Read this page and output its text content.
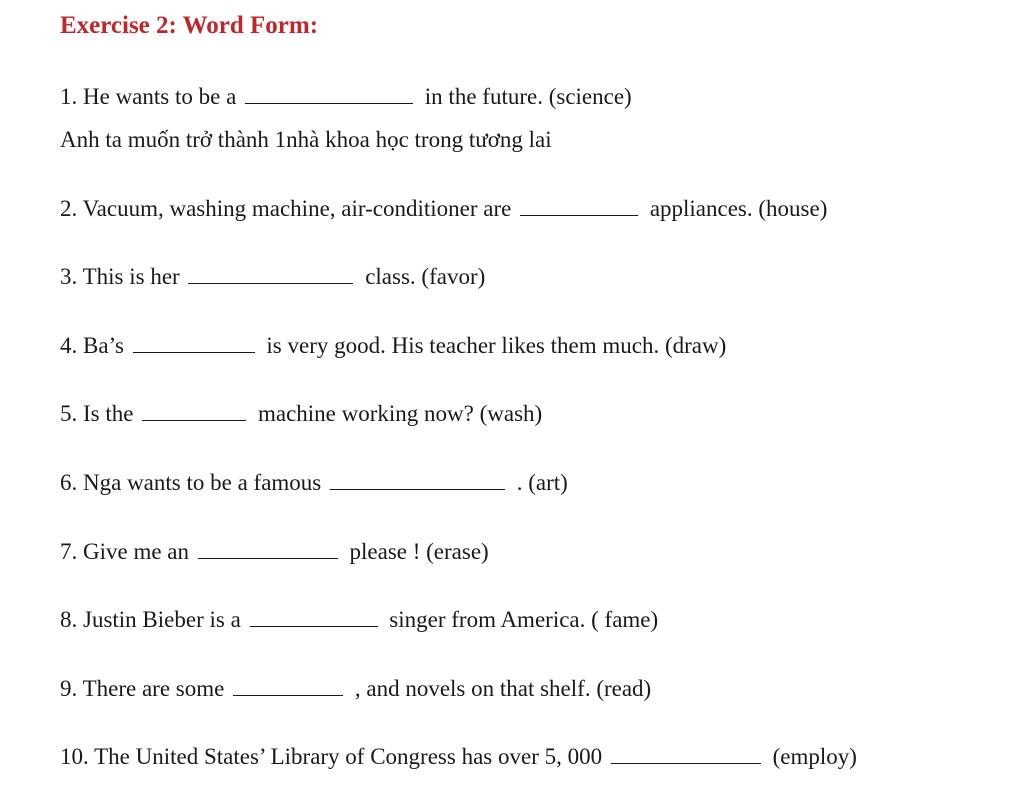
Exercise 2: Word Form:
1. He wants to be a	in the future. (science)
Anh ta muốn trở thành 1nhà khoa học trong tương lai
2. Vacuum, washing machine, air-conditioner are	appliances. (house)
3. This is her	class. (favor)
4. Ba’s	is very good. His teacher likes them much. (draw)
5. Is the	machine working now? (wash)
6. Nga wants to be a famous	. (art)
7. Give me an	please ! (erase)
8. Justin Bieber is a	singer from America. ( fame)
9. There are some	, and novels on that shelf. (read)
10. The United States’ Library of Congress has over 5, 000	(employ)
